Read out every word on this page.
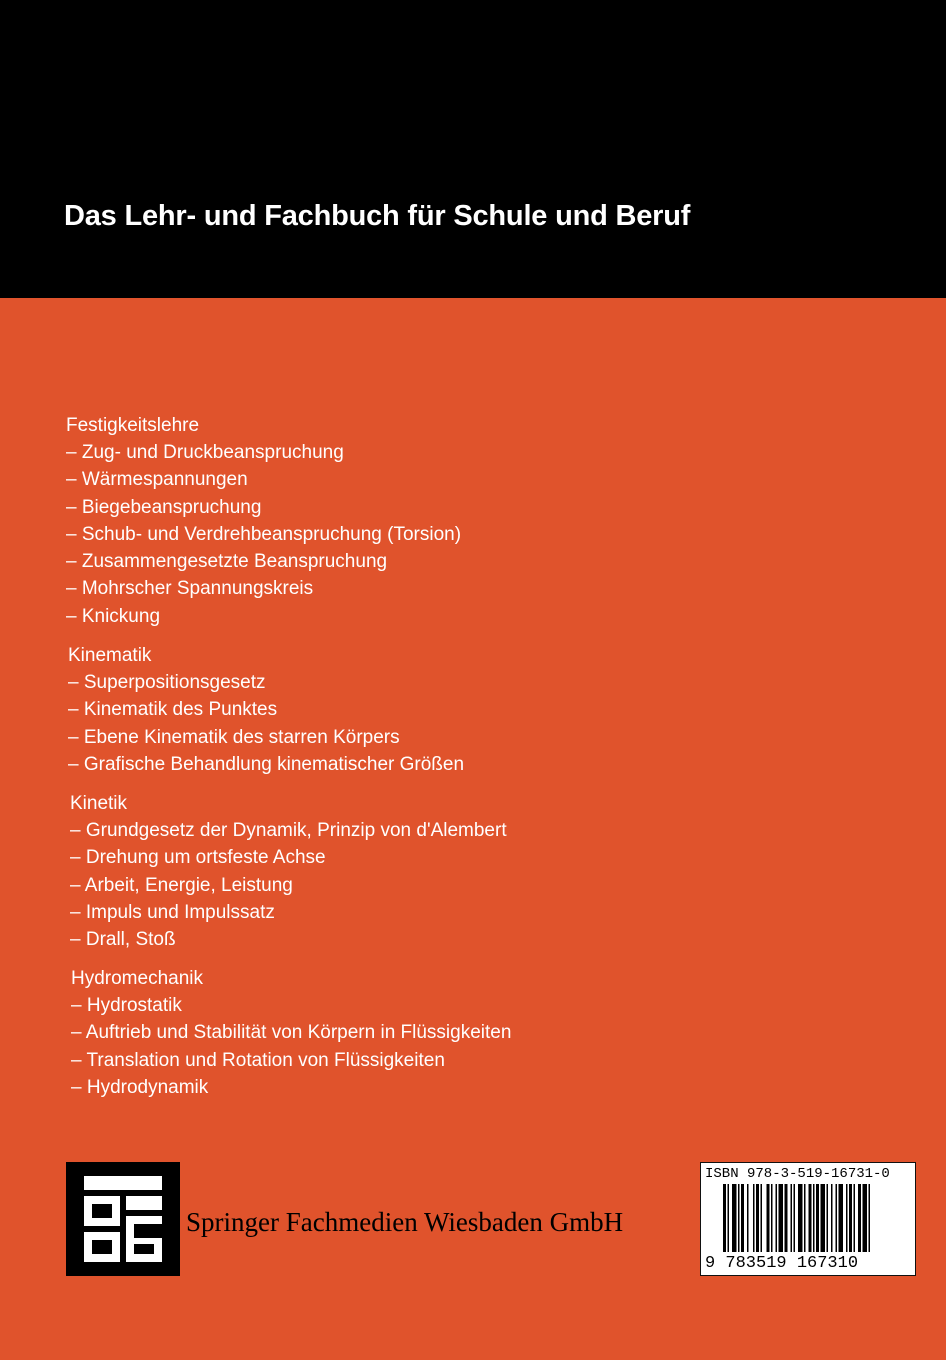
Das Lehr- und Fachbuch für Schule und Beruf
Festigkeitslehre
– Zug- und Druckbeanspruchung
– Wärmespannungen
– Biegebeanspruchung
– Schub- und Verdrehbeanspruchung (Torsion)
– Zusammengesetzte Beanspruchung
– Mohrscher Spannungskreis
– Knickung
Kinematik
– Superpositionsgesetz
– Kinematik des Punktes
– Ebene Kinematik des starren Körpers
– Grafische Behandlung kinematischer Größen
Kinetik
– Grundgesetz der Dynamik, Prinzip von d'Alembert
– Drehung um ortsfeste Achse
– Arbeit, Energie, Leistung
– Impuls und Impulssatz
– Drall, Stoß
Hydromechanik
– Hydrostatik
– Auftrieb und Stabilität von Körpern in Flüssigkeiten
– Translation und Rotation von Flüssigkeiten
– Hydrodynamik
Springer Fachmedien Wiesbaden GmbH
ISBN 978-3-519-16731-0
9 783519 167310
